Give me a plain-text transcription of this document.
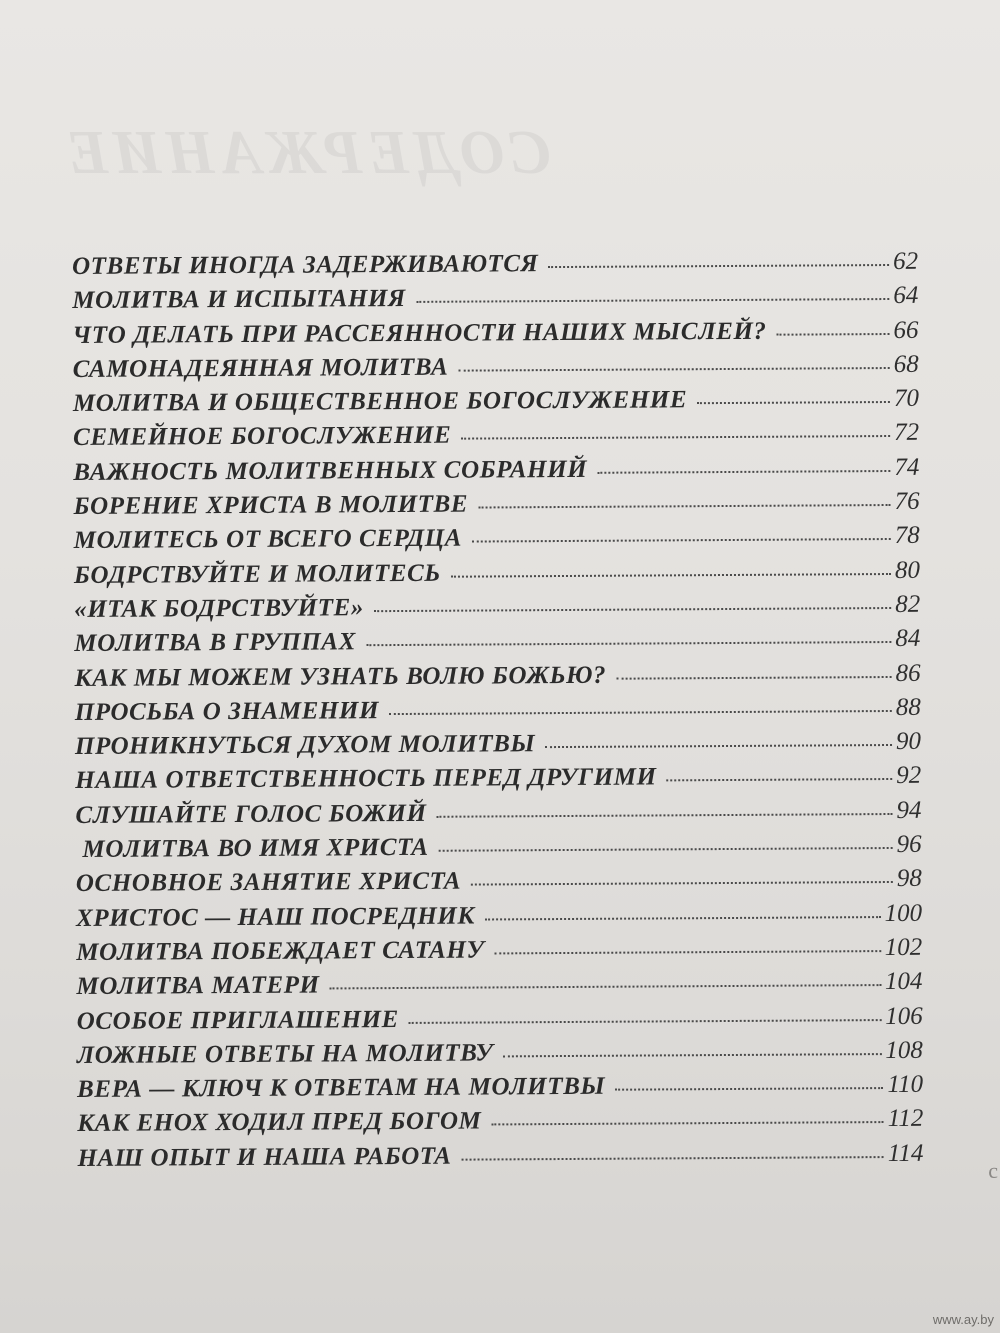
СОДЕРЖАНИЕ
ОТВЕТЫ ИНОГДА ЗАДЕРЖИВАЮТСЯ	62
МОЛИТВА И ИСПЫТАНИЯ	64
ЧТО ДЕЛАТЬ ПРИ РАССЕЯННОСТИ НАШИХ МЫСЛЕЙ?	66
САМОНАДЕЯННАЯ МОЛИТВА	68
МОЛИТВА И ОБЩЕСТВЕННОЕ БОГОСЛУЖЕНИЕ	70
СЕМЕЙНОЕ БОГОСЛУЖЕНИЕ	72
ВАЖНОСТЬ МОЛИТВЕННЫХ СОБРАНИЙ	74
БОРЕНИЕ ХРИСТА В МОЛИТВЕ	76
МОЛИТЕСЬ ОТ ВСЕГО СЕРДЦА	78
БОДРСТВУЙТЕ И МОЛИТЕСЬ	80
«ИТАК БОДРСТВУЙТЕ»	82
МОЛИТВА В ГРУППАХ	84
КАК МЫ МОЖЕМ УЗНАТЬ ВОЛЮ БОЖЬЮ?	86
ПРОСЬБА О ЗНАМЕНИИ	88
ПРОНИКНУТЬСЯ ДУХОМ МОЛИТВЫ	90
НАША ОТВЕТСТВЕННОСТЬ ПЕРЕД ДРУГИМИ	92
СЛУШАЙТЕ ГОЛОС БОЖИЙ	94
МОЛИТВА ВО ИМЯ ХРИСТА	96
ОСНОВНОЕ ЗАНЯТИЕ ХРИСТА	98
ХРИСТОС — НАШ ПОСРЕДНИК	100
МОЛИТВА ПОБЕЖДАЕТ САТАНУ	102
МОЛИТВА МАТЕРИ	104
ОСОБОЕ ПРИГЛАШЕНИЕ	106
ЛОЖНЫЕ ОТВЕТЫ НА МОЛИТВУ	108
ВЕРА — КЛЮЧ К ОТВЕТАМ НА МОЛИТВЫ	110
КАК ЕНОХ ХОДИЛ ПРЕД БОГОМ	112
НАШ ОПЫТ И НАША РАБОТА	114
c
www.ay.by
